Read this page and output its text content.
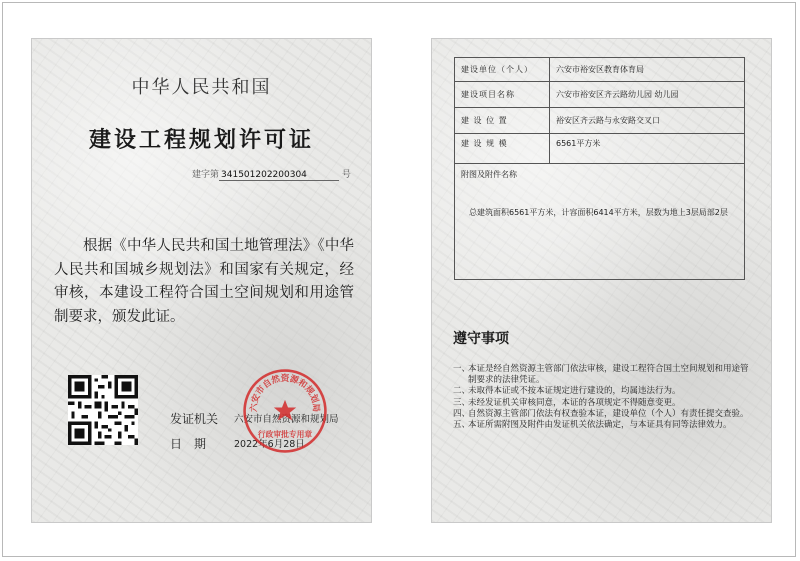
中华人民共和国
建设工程规划许可证
建字第 341501202200304	号
根据《中华人民共和国土地管理法》《中华人民共和国城乡规划法》和国家有关规定，经审核，本建设工程符合国土空间规划和用途管制要求，颁发此证。
发证机关 六安市自然资源和规划局
日　期	2022年6月28日
六安市自然资源和规划局
行政审批专用章
建设单位（个人）	六安市裕安区教育体育局
建设项目名称	六安市裕安区齐云路幼儿园 幼儿园
建 设 位 置	裕安区齐云路与永安路交叉口
建 设 规 模	6561平方米

附图及附件名称
总建筑面积6561平方米，计容面积6414平方米，层数为地上3层局部2层	
遵守事项
一、
本证是经自然资源主管部门依法审核，建设工程符合国土空间规划和用途管制要求的法律凭证。
二、
未取得本证或不按本证规定进行建设的，均属违法行为。
三、
未经发证机关审核同意，本证的各项规定不得随意变更。
四、
自然资源主管部门依法有权查验本证，建设单位（个人）有责任提交查验。
五、
本证所需附图及附件由发证机关依法确定，与本证具有同等法律效力。
